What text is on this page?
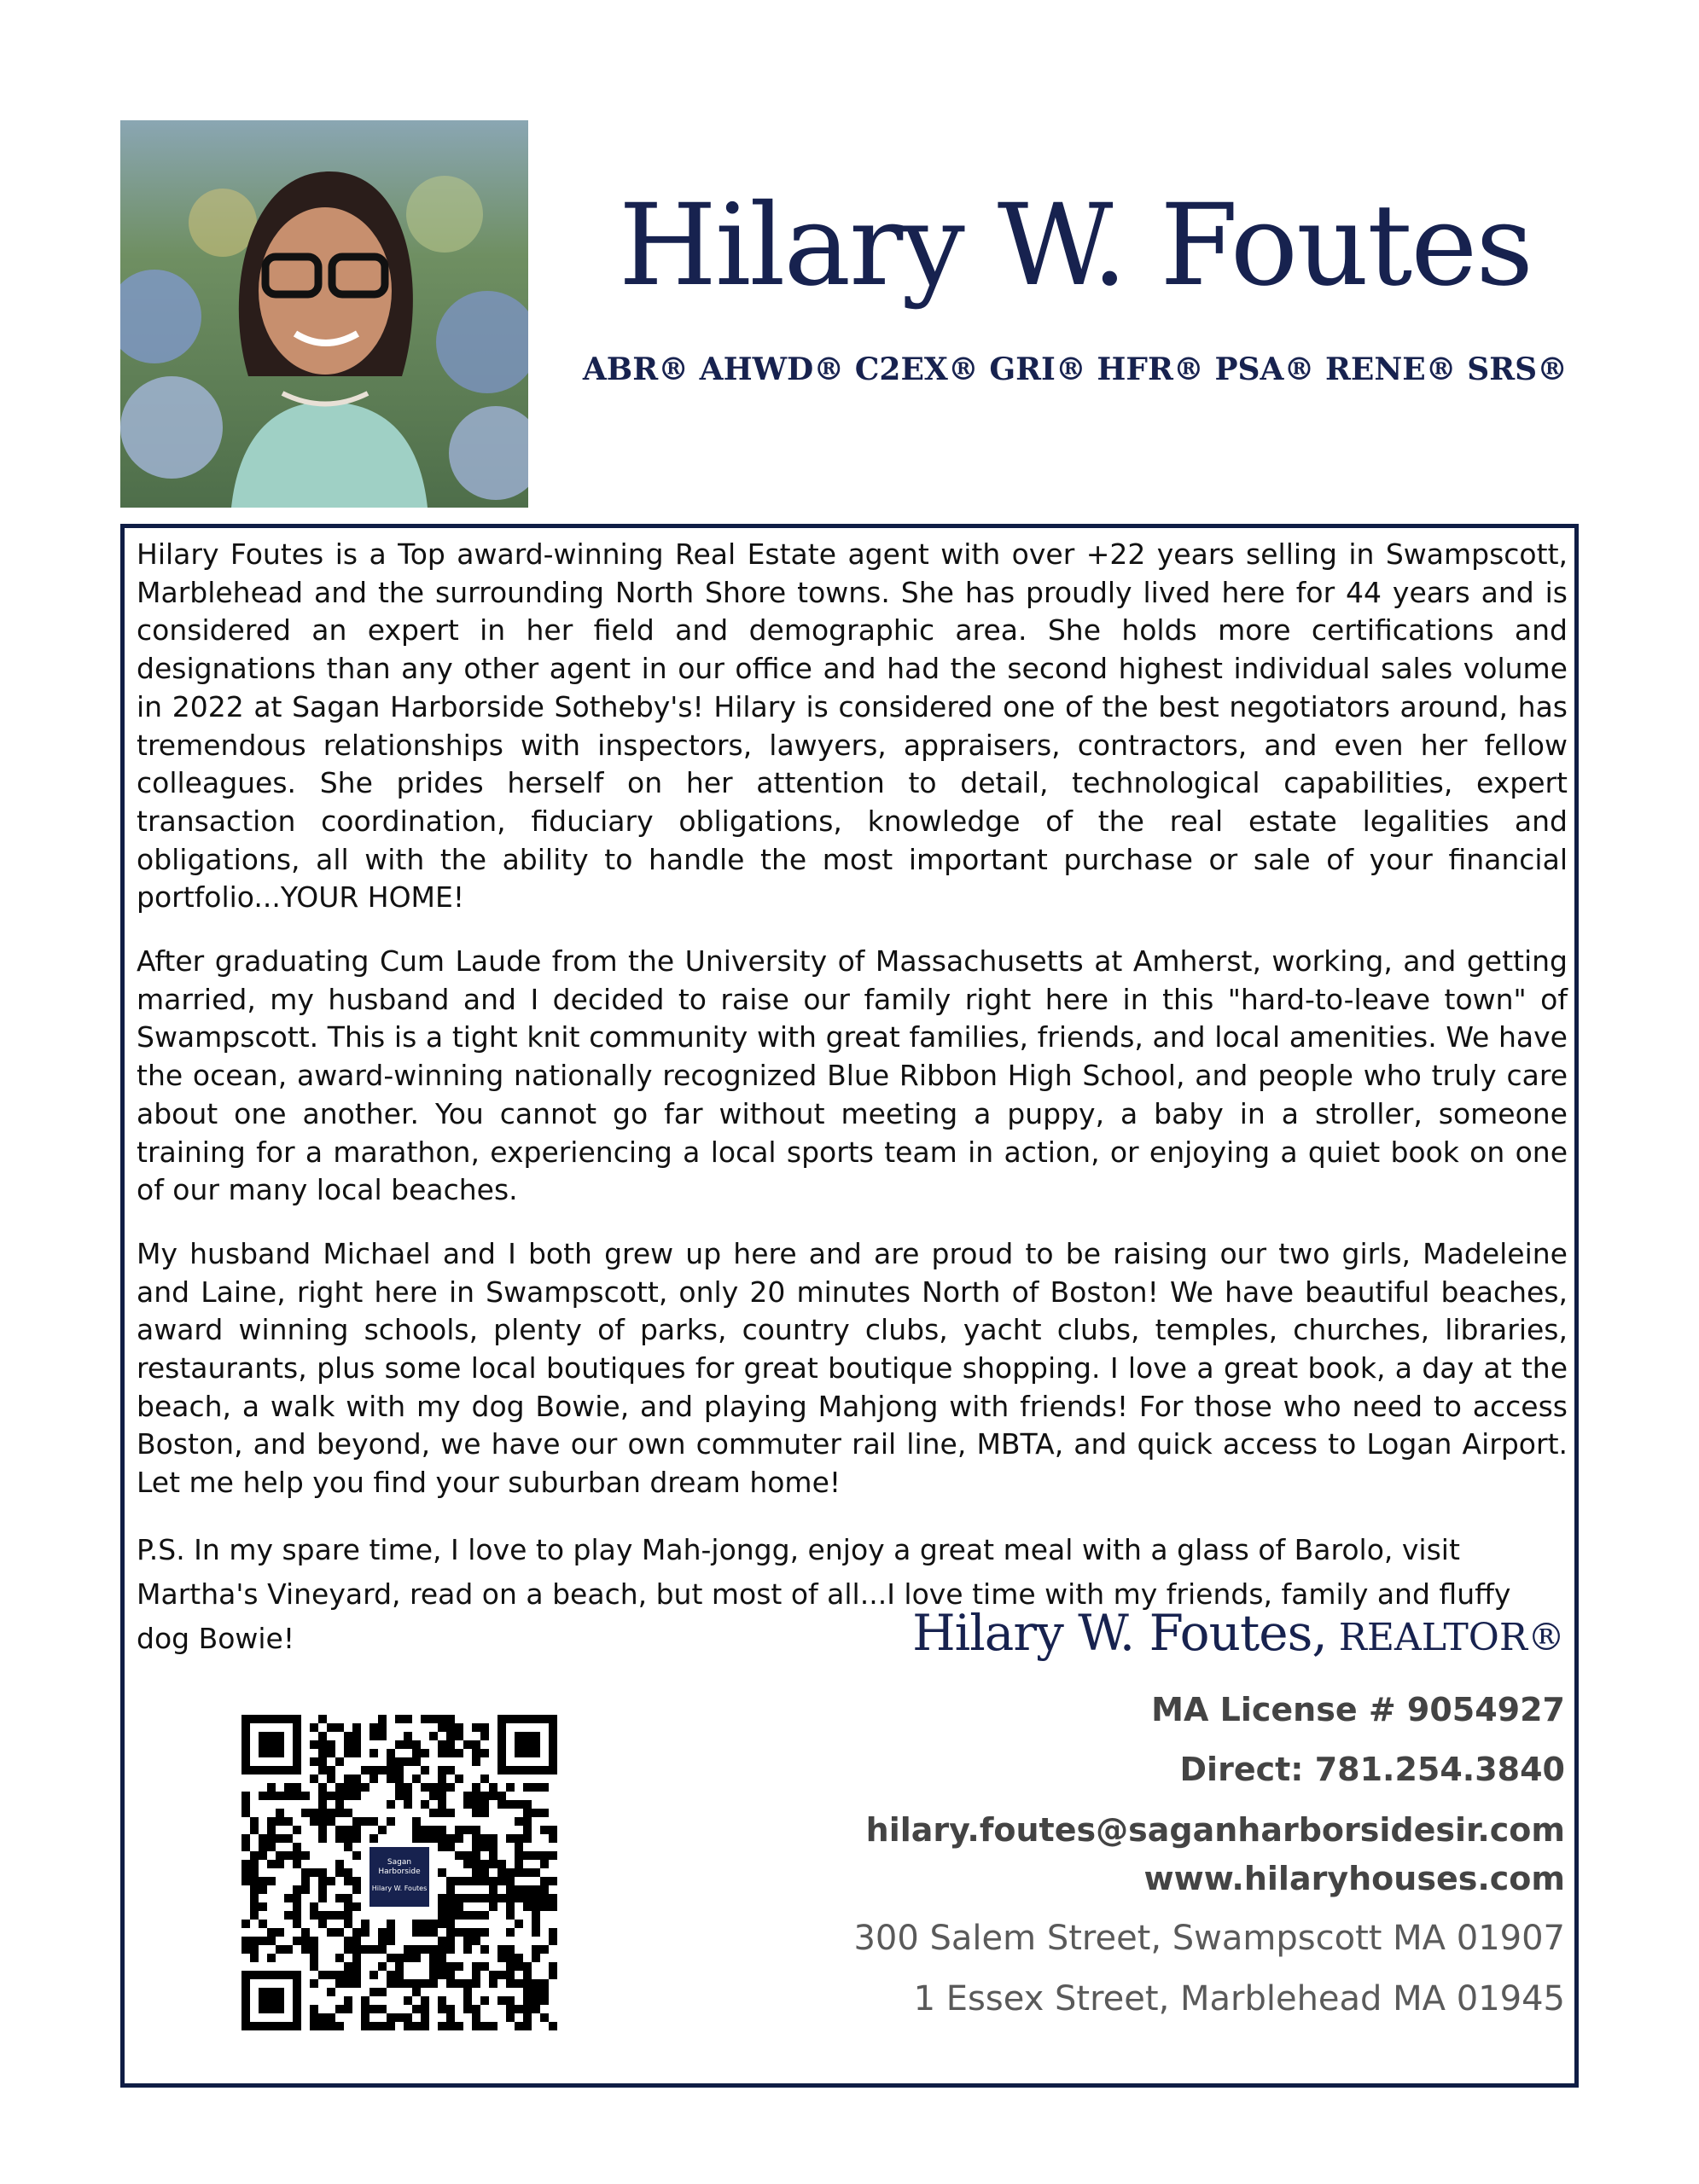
Hilary W. Foutes
ABR® AHWD® C2EX® GRI® HFR® PSA® RENE® SRS®

Hilary Foutes is a Top award-winning Real Estate agent with over +22 years selling in Swampscott, Marblehead and the surrounding North Shore towns. She has proudly lived here for 44 years and is considered an expert in her field and demographic area. She holds more certifications and designations than any other agent in our office and had the second highest individual sales volume in 2022 at Sagan Harborside Sotheby's! Hilary is considered one of the best negotiators around, has tremendous relationships with inspectors, lawyers, appraisers, contractors, and even her fellow colleagues. She prides herself on her attention to detail, technological capabilities, expert transaction coordination, fiduciary obligations, knowledge of the real estate legalities and obligations, all with the ability to handle the most important purchase or sale of your financial portfolio...YOUR HOME!

After graduating Cum Laude from the University of Massachusetts at Amherst, working, and getting married, my husband and I decided to raise our family right here in this "hard-to-leave town" of Swampscott. This is a tight knit community with great families, friends, and local amenities. We have the ocean, award-winning nationally recognized Blue Ribbon High School, and people who truly care about one another. You cannot go far without meeting a puppy, a baby in a stroller, someone training for a marathon, experiencing a local sports team in action, or enjoying a quiet book on one of our many local beaches.

My husband Michael and I both grew up here and are proud to be raising our two girls, Madeleine and Laine, right here in Swampscott, only 20 minutes North of Boston! We have beautiful beaches, award winning schools, plenty of parks, country clubs, yacht clubs, temples, churches, libraries, restaurants, plus some local boutiques for great boutique shopping. I love a great book, a day at the beach, a walk with my dog Bowie, and playing Mahjong with friends! For those who need to access Boston, and beyond, we have our own commuter rail line, MBTA, and quick access to Logan Airport. Let me help you find your suburban dream home!

P.S. In my spare time, I love to play Mah-jongg, enjoy a great meal with a glass of Barolo, visit Martha's Vineyard, read on a beach, but most of all...I love time with my friends, family and fluffy dog Bowie!	Hilary W. Foutes, REALTOR®
MA License # 9054927
Direct: 781.254.3840
hilary.foutes@saganharborsidesir.com
www.hilaryhouses.com
300 Salem Street, Swampscott MA 01907
1 Essex Street, Marblehead MA 01945
